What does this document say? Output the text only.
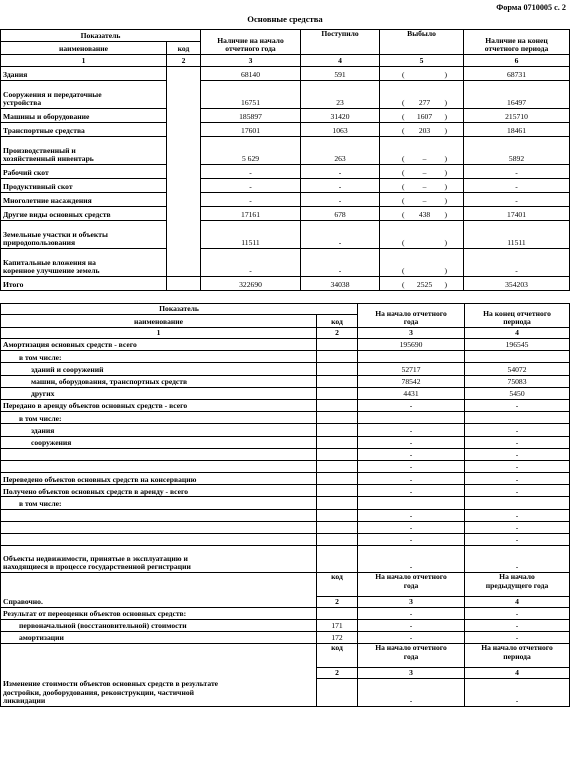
Форма 0710005 с. 2
Основные средства
Показатель		Наличие на начало
отчетного года	Поступило	Выбыло	Наличие на конец
отчетного периода
наименование	код				
1	2	3	4	5	6
Здания		68140	591	( )	68731
Сооружения и передаточные
устройства		16751	23	( 277 )	16497
Машины и оборудование		185897	31420	( 1607 )	215710
Транспортные средства		17601	1063	( 203 )	18461
Производственный и
хозяйственный инвентарь		5 629	263	( – )	5892
Рабочий скот		-	-	( – )	-
Продуктивный скот		-	-	( – )	-
Многолетние насаждения		-	-	( – )	-
Другие виды основных средств		17161	678	( 438 )	17401
Земельные участки и объекты
природопользования		11511	-	( )	11511
Капитальные вложения на
коренное улучшение земель		-	-	( )	-
Итого		322690	34038	( 2525 )	354203
Показатель		На начало отчетного
года	На конец отчетного
периода
наименование	код		
1	2	3	4
Амортизация основных средств - всего		195690	196545
в том числе:			
зданий и сооружений		52717	54072
машин, оборудования, транспортных средств		78542	75083
других		4431	5450
Передано в аренду объектов основных средств - всего		-	-
в том числе:			
здания		-	-
сооружения		-	-
		-	-
		-	-
Переведено объектов основных средств на консервацию		-	-
Получено объектов основных средств в аренду - всего		-	-
в том числе:			
		-	-
		-	-
		-	-
Объекты недвижимости, принятые в эксплуатацию и
находящиеся в процессе государственной регистрации		-	-
Справочно.	код	На начало отчетного
года	На начало
предыдущего года
	2	3	4
Результат от переоценки объектов основных средств:		-	-
первоначальной (восстановительной) стоимости	171	-	-
амортизации	172	-	-
Изменение стоимости объектов основных средств в результате
достройки, дооборудования, реконструкции, частичной
ликвидации	код	На начало отчетного
года	На начало отчетного
периода
	2	3	4
		-	-
